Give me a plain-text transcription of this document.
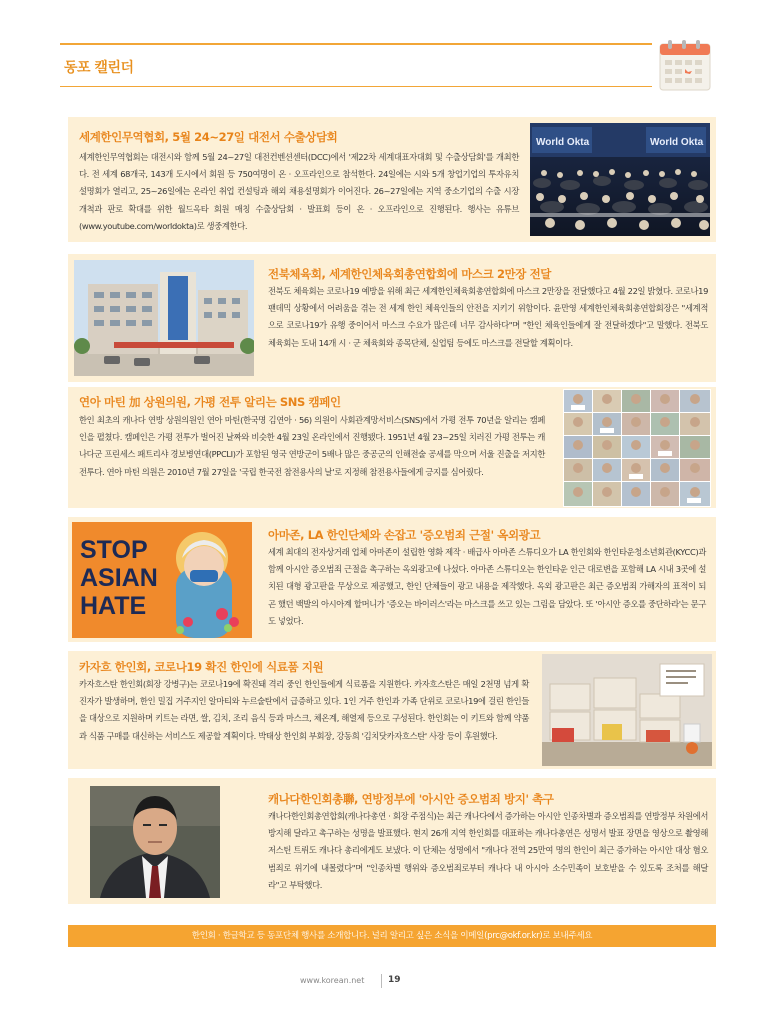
동포 캘린더
세계한인무역협회, 5월 24~27일 대전서 수출상담회

세계한인무역협회는 대전시와 함께 5월 24~27일 대전컨벤션센터(DCC)에서 '제22차 세계대표자대회 및 수출상담회'를 개최한다. 전 세계 68개국, 143개 도시에서 회원 등 750여명이 온 · 오프라인으로 참석한다. 24일에는 시와 5개 창업기업의 투자유치 설명회가 열리고, 25~26일에는 온라인 취업 컨설팅과 해외 채용설명회가 이어진다. 26~27일에는 지역 중소기업의 수출 시장 개척과 판로 확대를 위한 월드옥타 회원 매칭 수출상담회 · 발표회 등이 온 · 오프라인으로 진행된다. 행사는 유튜브(www.youtube.com/worldokta)로 생중계한다.

World Okta	World Okta
전북체육회, 세계한인체육회총연합회에 마스크 2만장 전달

전북도 체육회는 코로나19 예방을 위해 최근 세계한인체육회총연합회에 마스크 2만장을 전달했다고 4월 22일 밝혔다. 코로나19 팬데믹 상황에서 어려움을 겪는 전 세계 한인 체육인들의 안전을 지키기 위함이다. 윤만영 세계한인체육회총연합회장은 "세계적으로 코로나19가 유행 중이어서 마스크 수요가 많은데 너무 감사하다"며 "한인 체육인들에게 잘 전달하겠다"고 말했다. 전북도 체육회는 도내 14개 시 · 군 체육회와 종목단체, 실업팀 등에도 마스크를 전달할 계획이다.

연아 마틴 加 상원의원, 가평 전투 알리는 SNS 캠페인

한인 최초의 캐나다 연방 상원의원인 연아 마틴(한국명 김연아 · 56) 의원이 사회관계망서비스(SNS)에서 가평 전투 70년을 알리는 캠페인을 펼쳤다. 캠페인은 가평 전투가 벌어진 날짜와 비슷한 4월 23일 온라인에서 진행됐다. 1951년 4월 23~25일 치러진 가평 전투는 캐나다군 프린세스 패트리샤 경보병연대(PPCLI)가 포함된 영국 연방군이 5배나 많은 중공군의 인해전술 공세를 막으며 서울 진출을 저지한 전투다. 연아 마틴 의원은 2010년 7월 27일을 '국립 한국전 참전용사의 날'로 지정해 참전용사들에게 긍지를 심어줬다.

STOP
ASIAN
HATE
아마존, LA 한인단체와 손잡고 '증오범죄 근절' 옥외광고

세계 최대의 전자상거래 업체 아마존이 설립한 영화 제작 · 배급사 아마존 스튜디오가 LA 한인회와 한인타운청소년회관(KYCC)과 함께 아시안 증오범죄 근절을 촉구하는 옥외광고에 나섰다. 아마존 스튜디오는 한인타운 인근 대로변을 포함해 LA 시내 3곳에 설치된 대형 광고판을 무상으로 제공했고, 한인 단체들이 광고 내용을 제작했다. 옥외 광고판은 최근 증오범죄 가해자의 표적이 되곤 했던 백발의 아시아계 할머니가 '증오는 바이러스'라는 마스크를 쓰고 있는 그림을 담았다. 또 '아시안 증오를 중단하라'는 문구도 넣었다.

카자흐 한인회, 코로나19 확진 한인에 식료품 지원

카자흐스탄 한인회(회장 강병구)는 코로나19에 확진돼 격리 중인 한인들에게 식료품을 지원한다. 카자흐스탄은 매일 2천명 넘게 확진자가 발생하며, 한인 밀집 거주지인 알마티와 누르술탄에서 급증하고 있다. 1인 거주 한인과 가족 단위로 코로나19에 걸린 한인들을 대상으로 지원하며 키트는 라면, 쌀, 김치, 조리 음식 등과 마스크, 체온계, 해열제 등으로 구성된다. 한인회는 이 키트와 함께 약품과 식품 구매를 대신하는 서비스도 제공할 계획이다. 박태상 한인회 부회장, 강동희 '김치닷카자흐스탄' 사장 등이 후원했다.

캐나다한인회총聯, 연방정부에 '아시안 증오범죄 방지' 촉구

캐나다한인회총연합회(캐나다총연 · 회장 주점식)는 최근 캐나다에서 증가하는 아시안 인종차별과 증오범죄를 연방정부 차원에서 방지해 달라고 촉구하는 성명을 발표했다. 현지 26개 지역 한인회를 대표하는 캐나다총연은 성명서 발표 장면을 영상으로 촬영해 저스틴 트뤼도 캐나다 총리에게도 보냈다. 이 단체는 성명에서 "캐나다 전역 25만여 명의 한인이 최근 증가하는 아시안 대상 혐오 범죄로 위기에 내몰렸다"며 "인종차별 행위와 증오범죄로부터 캐나다 내 아시아 소수민족이 보호받을 수 있도록 조처를 해달라"고 부탁했다.

한인회 · 한글학교 등 동포단체 행사를 소개합니다. 널리 알리고 싶은 소식을 이메일(prc@okf.or.kr)로 보내주세요
www.korean.net	19
